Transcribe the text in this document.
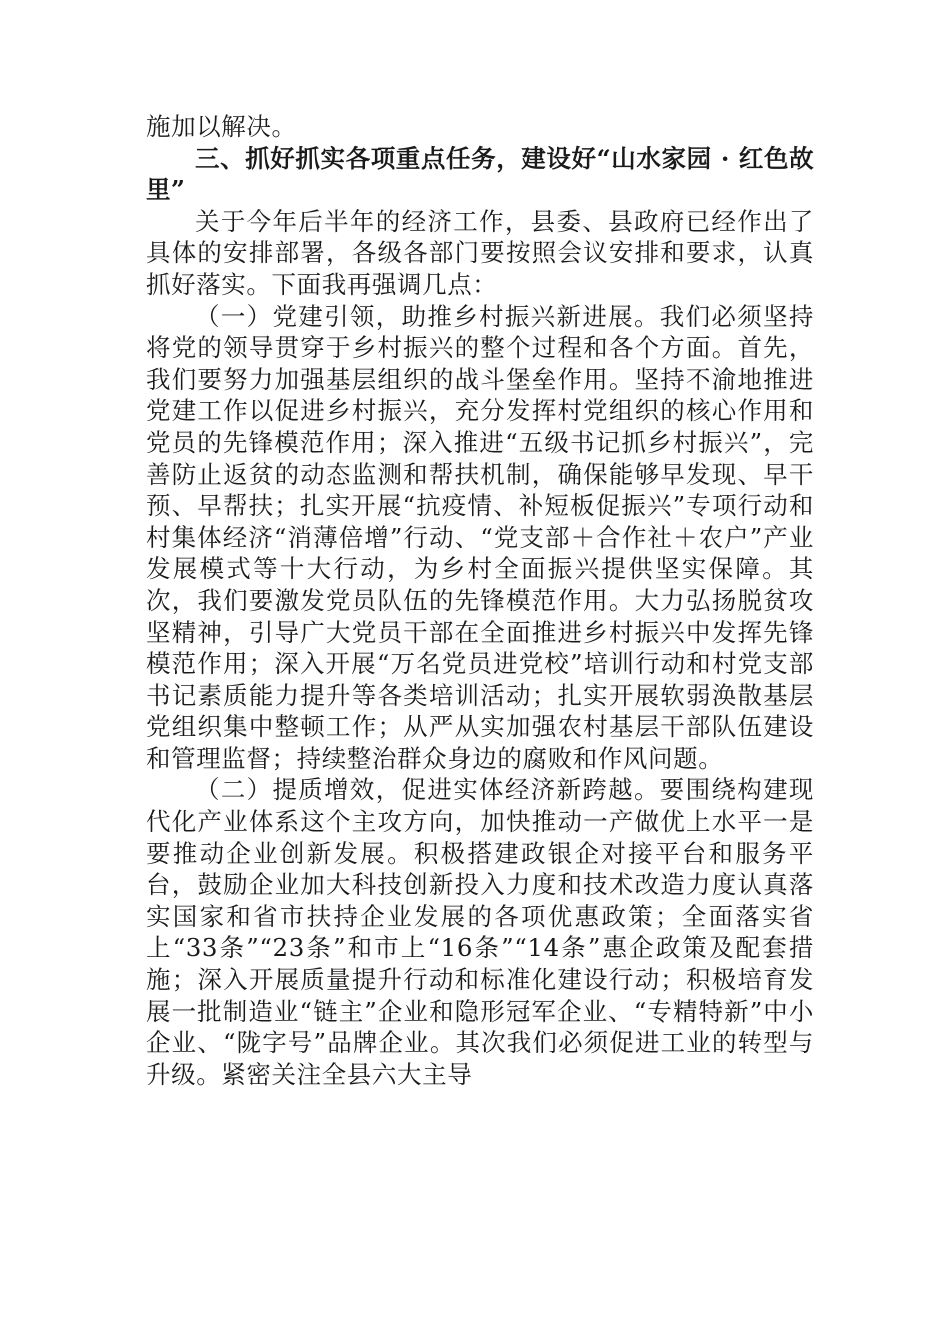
施加以解决。

三、抓好抓实各项重点任务，建设好“山水家园 · 红色故里”

关于今年后半年的经济工作，县委、县政府已经作出了具体的安排部署，各级各部门要按照会议安排和要求，认真抓好落实。下面我再强调几点：

（一）党建引领，助推乡村振兴新进展。我们必须坚持将党的领导贯穿于乡村振兴的整个过程和各个方面。首先，我们要努力加强基层组织的战斗堡垒作用。坚持不渝地推进党建工作以促进乡村振兴，充分发挥村党组织的核心作用和党员的先锋模范作用；深入推进“五级书记抓乡村振兴”，完善防止返贫的动态监测和帮扶机制，确保能够早发现、早干预、早帮扶；扎实开展“抗疫情、补短板促振兴”专项行动和村集体经济“消薄倍增”行动、“党支部＋合作社＋农户”产业发展模式等十大行动，为乡村全面振兴提供坚实保障。其次，我们要激发党员队伍的先锋模范作用。大力弘扬脱贫攻坚精神，引导广大党员干部在全面推进乡村振兴中发挥先锋模范作用；深入开展“万名党员进党校”培训行动和村党支部书记素质能力提升等各类培训活动；扎实开展软弱涣散基层党组织集中整顿工作；从严从实加强农村基层干部队伍建设和管理监督；持续整治群众身边的腐败和作风问题。

（二）提质增效，促进实体经济新跨越。要围绕构建现代化产业体系这个主攻方向，加快推动一产做优上水平一是要推动企业创新发展。积极搭建政银企对接平台和服务平台，鼓励企业加大科技创新投入力度和技术改造力度认真落实国家和省市扶持企业发展的各项优惠政策；全面落实省上“33条”“23条”和市上“16条”“14条”惠企政策及配套措施；深入开展质量提升行动和标准化建设行动；积极培育发展一批制造业“链主”企业和隐形冠军企业、“专精特新”中小企业、“陇字号”品牌企业。其次我们必须促进工业的转型与升级。紧密关注全县六大主导
